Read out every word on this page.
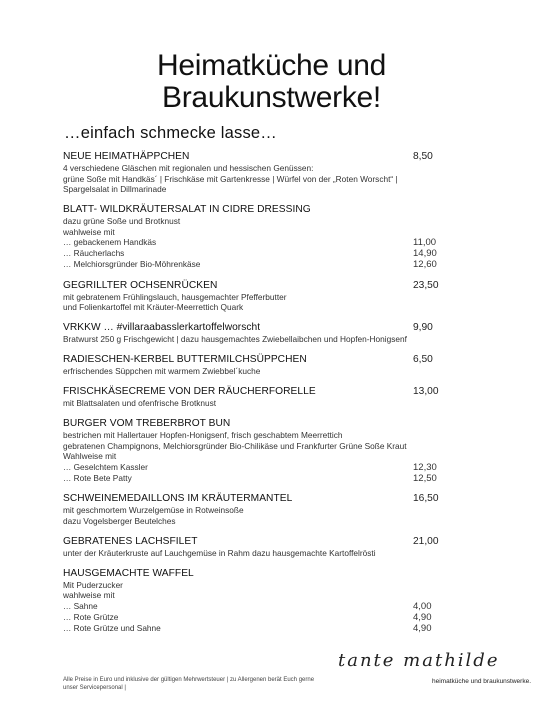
Heimatküche und
Braukunstwerke!
…einfach schmecke lasse…
NEUE HEIMATHÄPPCHEN	8,50
4 verschiedene Gläschen mit regionalen und hessischen Genüssen:
grüne Soße mit Handkäs´ | Frischkäse mit Gartenkresse | Würfel von der „Roten Worscht“ |
Spargelsalat in Dillmarinade
BLATT- WILDKRÄUTERSALAT IN CIDRE DRESSING
dazu grüne Soße und Brotknust
wahlweise mit
… gebackenem Handkäs	11,00
… Räucherlachs	14,90
… Melchiorsgründer Bio-Möhrenkäse	12,60
GEGRILLTER OCHSENRÜCKEN	23,50
mit gebratenem Frühlingslauch, hausgemachter Pfefferbutter
und Folienkartoffel mit Kräuter-Meerrettich Quark
VRKKW … #villaraabasslerkartoffelworscht	9,90
Bratwurst 250 g Frischgewicht | dazu hausgemachtes Zwiebellaibchen und Hopfen-Honigsenf
RADIESCHEN-KERBEL BUTTERMILCHSÜPPCHEN	6,50
erfrischendes Süppchen mit warmem Zwiebbel´kuche
FRISCHKÄSECREME VON DER RÄUCHERFORELLE	13,00
mit Blattsalaten und ofenfrische Brotknust
BURGER VOM TREBERBROT BUN
bestrichen mit Hallertauer Hopfen-Honigsenf, frisch geschabtem Meerrettich
gebratenen Champignons, Melchiorsgründer Bio-Chilikäse und Frankfurter Grüne Soße Kraut
Wahlweise mit
… Geselchtem Kassler	12,30
… Rote Bete Patty	12,50
SCHWEINEMEDAILLONS IM KRÄUTERMANTEL	16,50
mit geschmortem Wurzelgemüse in Rotweinsoße
dazu Vogelsberger Beutelches
GEBRATENES LACHSFILET	21,00
unter der Kräuterkruste auf Lauchgemüse in Rahm dazu hausgemachte Kartoffelrösti
HAUSGEMACHTE WAFFEL
Mit Puderzucker
wahlweise mit
… Sahne	4,00
… Rote Grütze	4,90
… Rote Grütze und Sahne	4,90
Alle Preise in Euro und inklusive der gültigen Mehrwertsteuer | zu Allergenen berät Euch gerne
unser Servicepersonal |
tante mathilde
heimatküche und braukunstwerke.
